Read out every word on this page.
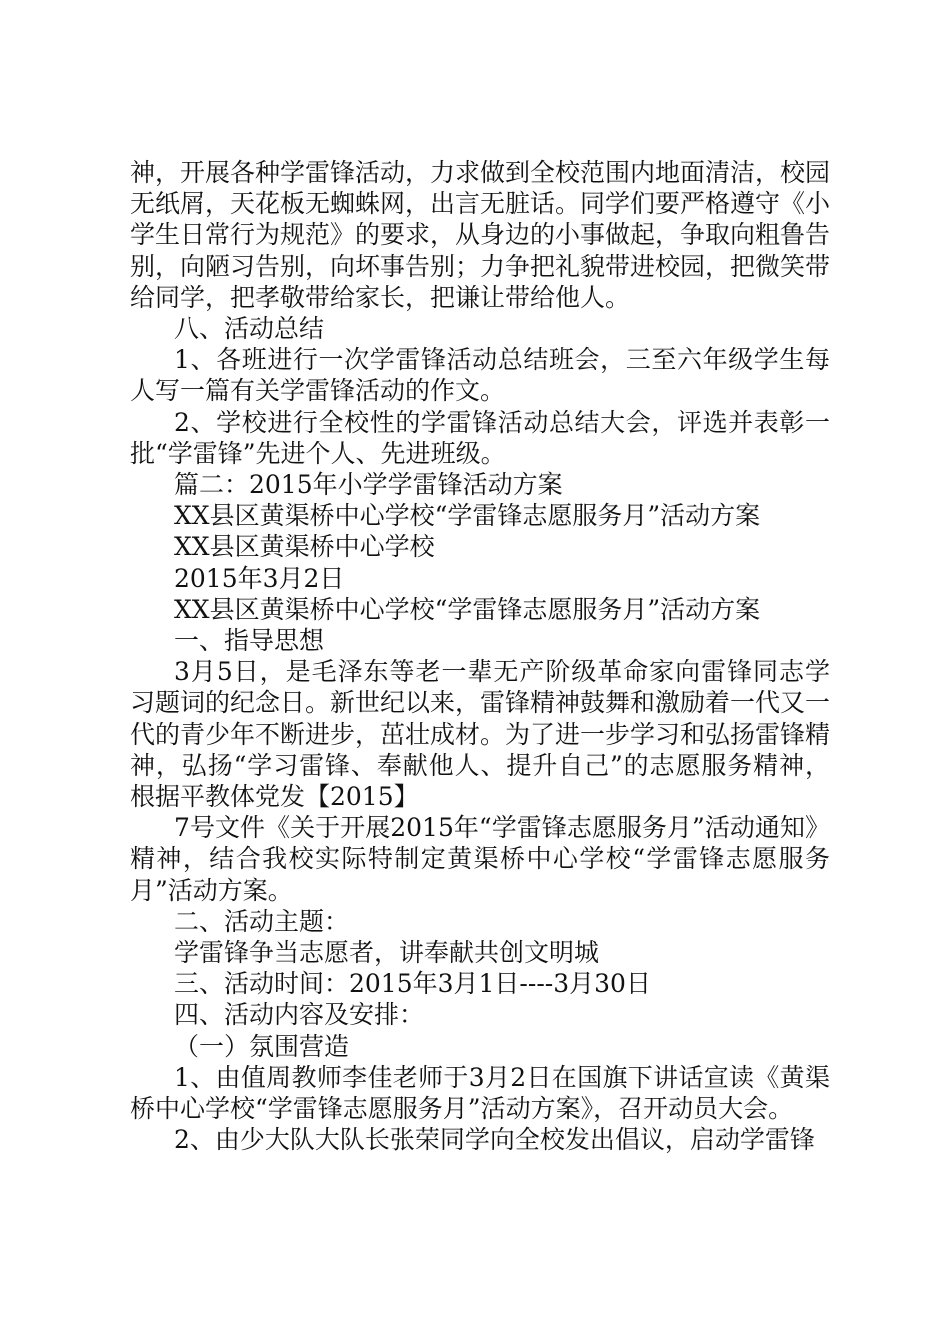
神，开展各种学雷锋活动，力求做到全校范围内地面清洁，校园无纸屑，天花板无蜘蛛网，出言无脏话。同学们要严格遵守《小学生日常行为规范》的要求，从身边的小事做起，争取向粗鲁告别，向陋习告别，向坏事告别；力争把礼貌带进校园，把微笑带给同学，把孝敬带给家长，把谦让带给他人。

八、活动总结

1、各班进行一次学雷锋活动总结班会，三至六年级学生每人写一篇有关学雷锋活动的作文。

2、学校进行全校性的学雷锋活动总结大会，评选并表彰一批“学雷锋”先进个人、先进班级。

篇二：2015年小学学雷锋活动方案

XX县区黄渠桥中心学校“学雷锋志愿服务月”活动方案

XX县区黄渠桥中心学校

2015年3月2日

XX县区黄渠桥中心学校“学雷锋志愿服务月”活动方案

一、指导思想

3月5日，是毛泽东等老一辈无产阶级革命家向雷锋同志学习题词的纪念日。新世纪以来，雷锋精神鼓舞和激励着一代又一代的青少年不断进步，茁壮成材。为了进一步学习和弘扬雷锋精神，弘扬“学习雷锋、奉献他人、提升自己”的志愿服务精神，根据平教体党发【2015】

7号文件《关于开展2015年“学雷锋志愿服务月”活动通知》精神，结合我校实际特制定黄渠桥中心学校“学雷锋志愿服务月”活动方案。

二、活动主题：

学雷锋争当志愿者，讲奉献共创文明城

三、活动时间：2015年3月1日----3月30日

四、活动内容及安排：

（一）氛围营造

1、由值周教师李佳老师于3月2日在国旗下讲话宣读《黄渠桥中心学校“学雷锋志愿服务月”活动方案》，召开动员大会。

2、由少大队大队长张荣同学向全校发出倡议，启动学雷锋
